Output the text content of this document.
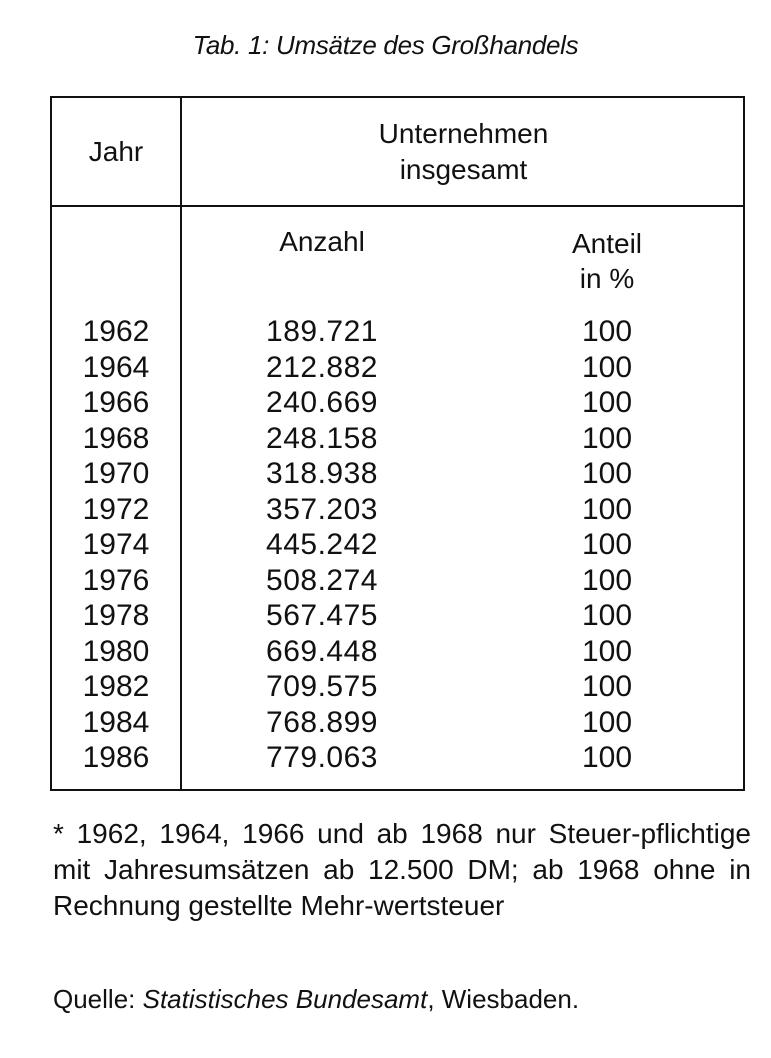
Tab. 1: Umsätze des Großhandels
Jahr
Unternehmen
insgesamt
Anzahl	Anteil
in %
1962	189.721	100
1964	212.882	100
1966	240.669	100
1968	248.158	100
1970	318.938	100
1972	357.203	100
1974	445.242	100
1976	508.274	100
1978	567.475	100
1980	669.448	100
1982	709.575	100
1984	768.899	100
1986	779.063	100
* 1962, 1964, 1966 und ab 1968 nur Steuer-pflichtige mit Jahresumsätzen ab 12.500 DM; ab 1968 ohne in Rechnung gestellte Mehr-wertsteuer
Quelle: Statistisches Bundesamt, Wiesbaden.
